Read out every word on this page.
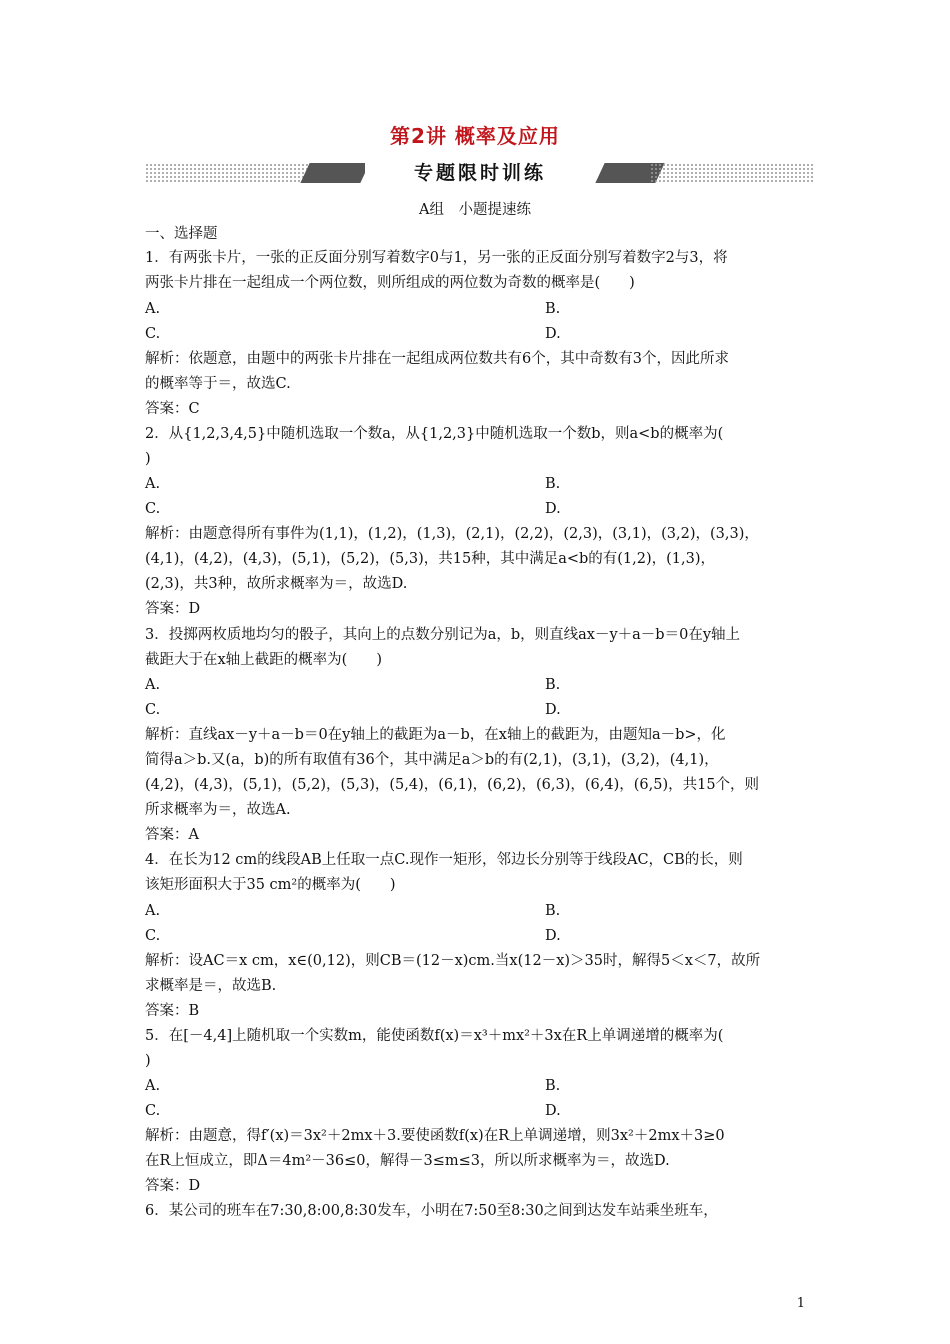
第2讲 概率及应用
专题限时训练
A组　小题提速练
一、选择题
1．有两张卡片，一张的正反面分别写着数字0与1，另一张的正反面分别写着数字2与3，将
两张卡片排在一起组成一个两位数，则所组成的两位数为奇数的概率是(　　)
A.	B.
C.	D.
解析：依题意，由题中的两张卡片排在一起组成两位数共有6个，其中奇数有3个，因此所求
的概率等于＝，故选C.
答案：C
2．从{1,2,3,4,5}中随机选取一个数a，从{1,2,3}中随机选取一个数b，则a<b的概率为(
)
A.	B.
C.	D.
解析：由题意得所有事件为(1,1)，(1,2)，(1,3)，(2,1)，(2,2)，(2,3)，(3,1)，(3,2)，(3,3)，
(4,1)，(4,2)，(4,3)，(5,1)，(5,2)，(5,3)，共15种，其中满足a<b的有(1,2)，(1,3)，
(2,3)，共3种，故所求概率为＝，故选D.
答案：D
3．投掷两枚质地均匀的骰子，其向上的点数分别记为a，b，则直线ax－y＋a－b＝0在y轴上
截距大于在x轴上截距的概率为(　　)
A.	B.
C.	D.
解析：直线ax－y＋a－b＝0在y轴上的截距为a－b，在x轴上的截距为，由题知a－b>，化
简得a＞b.又(a，b)的所有取值有36个，其中满足a＞b的有(2,1)，(3,1)，(3,2)，(4,1)，
(4,2)，(4,3)，(5,1)，(5,2)，(5,3)，(5,4)，(6,1)，(6,2)，(6,3)，(6,4)，(6,5)，共15个，则
所求概率为＝，故选A.
答案：A
4．在长为12 cm的线段AB上任取一点C.现作一矩形，邻边长分别等于线段AC，CB的长，则
该矩形面积大于35 cm²的概率为(　　)
A.	B.
C.	D.
解析：设AC＝x cm，x∈(0,12)，则CB＝(12－x)cm.当x(12－x)＞35时，解得5＜x＜7，故所
求概率是＝，故选B.
答案：B
5．在[－4,4]上随机取一个实数m，能使函数f(x)＝x³＋mx²＋3x在R上单调递增的概率为(
)
A.	B.
C.	D.
解析：由题意，得f′(x)＝3x²＋2mx＋3.要使函数f(x)在R上单调递增，则3x²＋2mx＋3≥0
在R上恒成立，即Δ＝4m²－36≤0，解得－3≤m≤3，所以所求概率为＝，故选D.
答案：D
6．某公司的班车在7:30,8:00,8:30发车，小明在7:50至8:30之间到达发车站乘坐班车，
1
